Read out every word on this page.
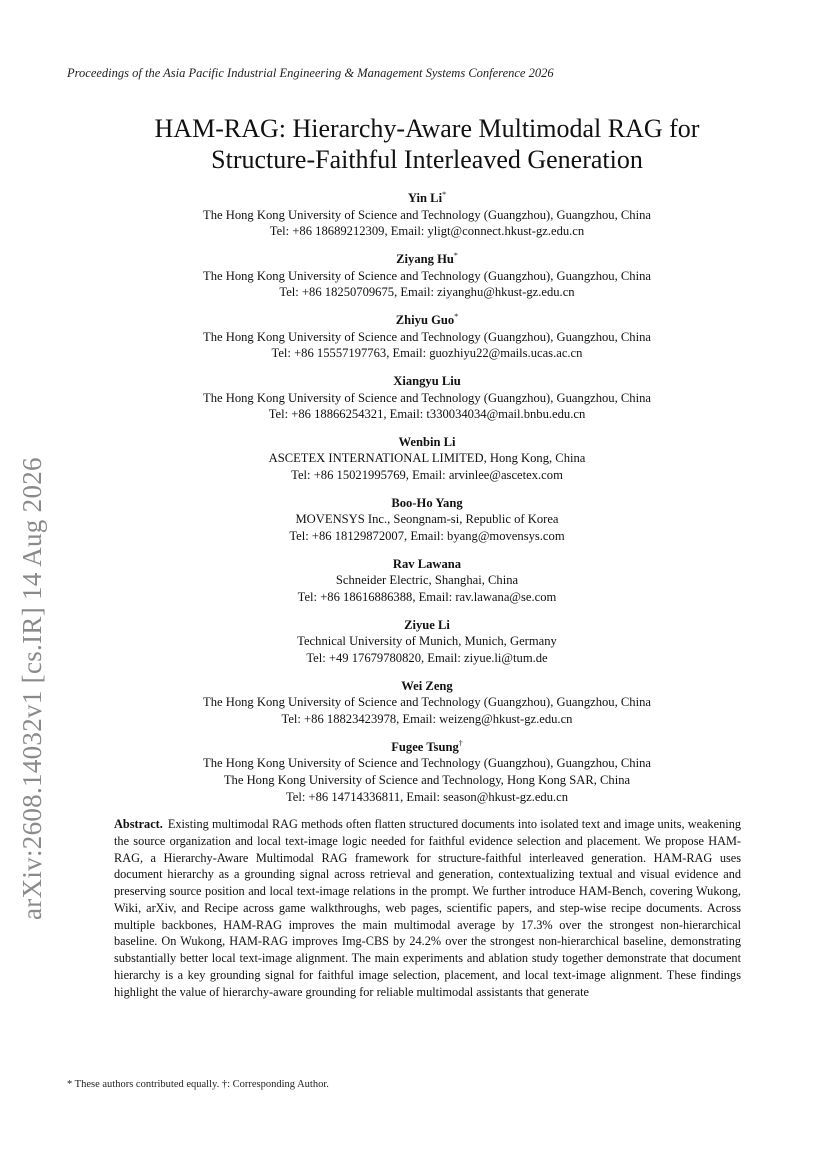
Proceedings of the Asia Pacific Industrial Engineering & Management Systems Conference 2026
arXiv:2608.14032v1 [cs.IR] 14 Aug 2026
HAM-RAG: Hierarchy-Aware Multimodal RAG for
Structure-Faithful Interleaved Generation
Yin Li*
The Hong Kong University of Science and Technology (Guangzhou), Guangzhou, China
Tel: +86 18689212309, Email: yligt@connect.hkust-gz.edu.cn
Ziyang Hu*
The Hong Kong University of Science and Technology (Guangzhou), Guangzhou, China
Tel: +86 18250709675, Email: ziyanghu@hkust-gz.edu.cn
Zhiyu Guo*
The Hong Kong University of Science and Technology (Guangzhou), Guangzhou, China
Tel: +86 15557197763, Email: guozhiyu22@mails.ucas.ac.cn
Xiangyu Liu
The Hong Kong University of Science and Technology (Guangzhou), Guangzhou, China
Tel: +86 18866254321, Email: t330034034@mail.bnbu.edu.cn
Wenbin Li
ASCETEX INTERNATIONAL LIMITED, Hong Kong, China
Tel: +86 15021995769, Email: arvinlee@ascetex.com
Boo-Ho Yang
MOVENSYS Inc., Seongnam-si, Republic of Korea
Tel: +86 18129872007, Email: byang@movensys.com
Rav Lawana
Schneider Electric, Shanghai, China
Tel: +86 18616886388, Email: rav.lawana@se.com
Ziyue Li
Technical University of Munich, Munich, Germany
Tel: +49 17679780820, Email: ziyue.li@tum.de
Wei Zeng
The Hong Kong University of Science and Technology (Guangzhou), Guangzhou, China
Tel: +86 18823423978, Email: weizeng@hkust-gz.edu.cn
Fugee Tsung†
The Hong Kong University of Science and Technology (Guangzhou), Guangzhou, China
The Hong Kong University of Science and Technology, Hong Kong SAR, China
Tel: +86 14714336811, Email: season@hkust-gz.edu.cn
Abstract. Existing multimodal RAG methods often flatten structured documents into isolated text and image units, weakening the source organization and local text-image logic needed for faithful evidence selection and placement. We propose HAM-RAG, a Hierarchy-Aware Multimodal RAG framework for structure-faithful interleaved generation. HAM-RAG uses document hierarchy as a grounding signal across retrieval and generation, contextualizing textual and visual evidence and preserving source position and local text-image relations in the prompt. We further introduce HAM-Bench, covering Wukong, Wiki, arXiv, and Recipe across game walkthroughs, web pages, scientific papers, and step-wise recipe documents. Across multiple backbones, HAM-RAG improves the main multimodal average by 17.3% over the strongest non-hierarchical baseline. On Wukong, HAM-RAG improves Img-CBS by 24.2% over the strongest non-hierarchical baseline, demonstrating substantially better local text-image alignment. The main experiments and ablation study together demonstrate that document hierarchy is a key grounding signal for faithful image selection, placement, and local text-image alignment. These findings highlight the value of hierarchy-aware grounding for reliable multimodal assistants that generate
* These authors contributed equally. †: Corresponding Author.
